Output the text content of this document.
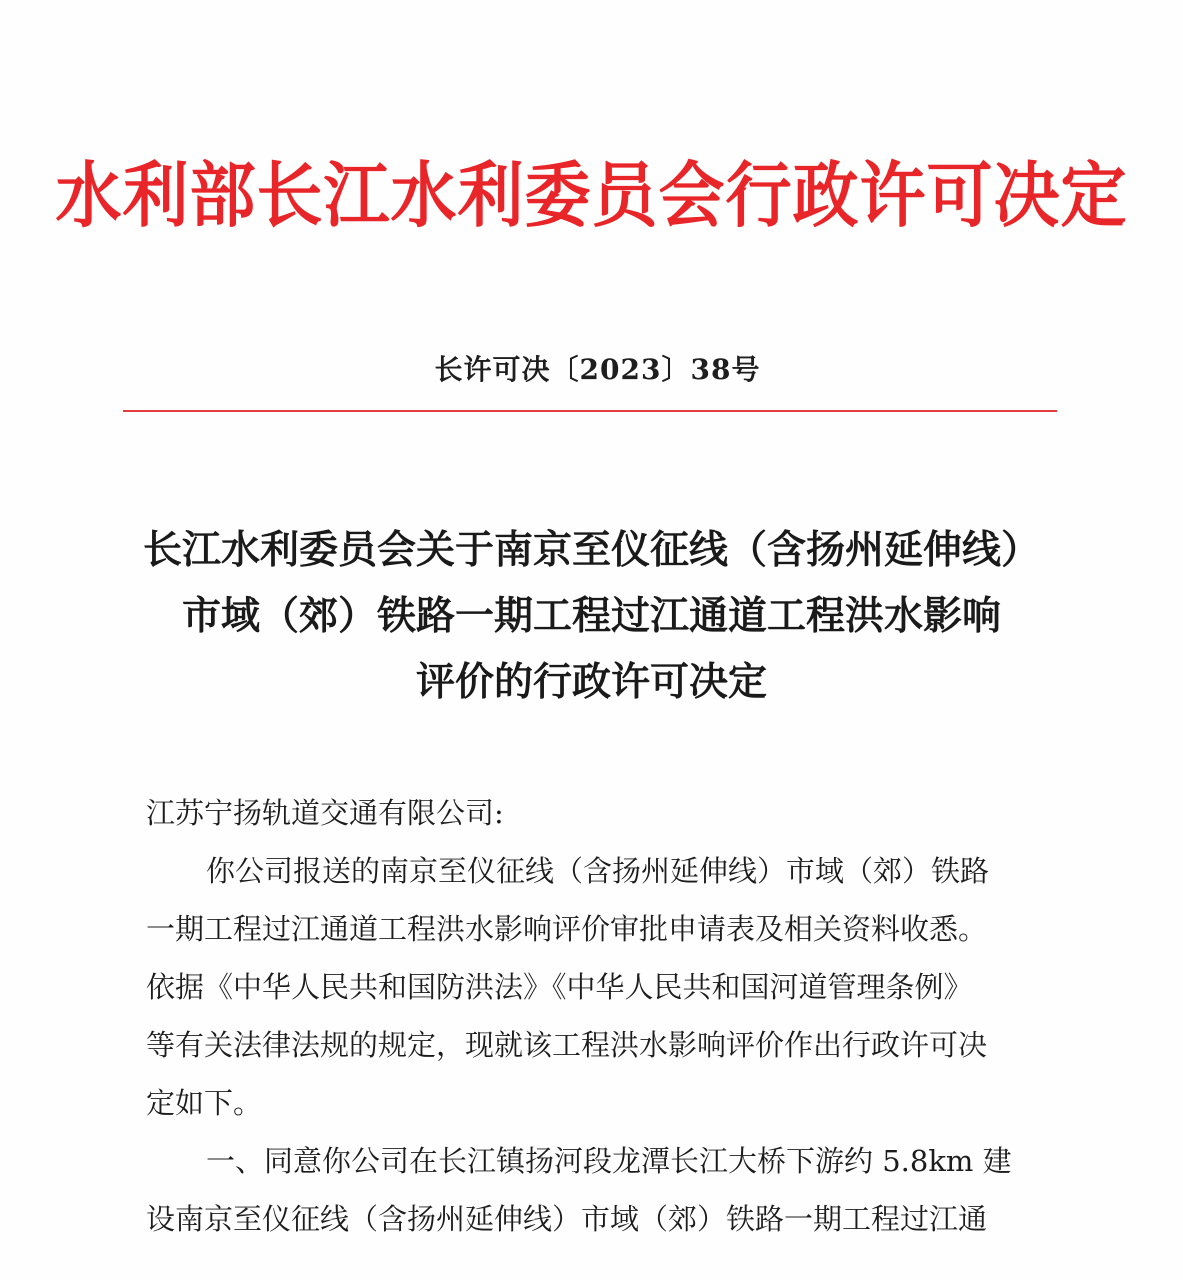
水利部长江水利委员会行政许可决定
长许可决〔2023〕38号
长江水利委员会关于南京至仪征线（含扬州延伸线）
市域（郊）铁路一期工程过江通道工程洪水影响
评价的行政许可决定
江苏宁扬轨道交通有限公司:
你公司报送的南京至仪征线（含扬州延伸线）市域（郊）铁路
一期工程过江通道工程洪水影响评价审批申请表及相关资料收悉。
依据《中华人民共和国防洪法》《中华人民共和国河道管理条例》
等有关法律法规的规定，现就该工程洪水影响评价作出行政许可决
定如下。
一、同意你公司在长江镇扬河段龙潭长江大桥下游约 5.8km 建
设南京至仪征线（含扬州延伸线）市域（郊）铁路一期工程过江通
